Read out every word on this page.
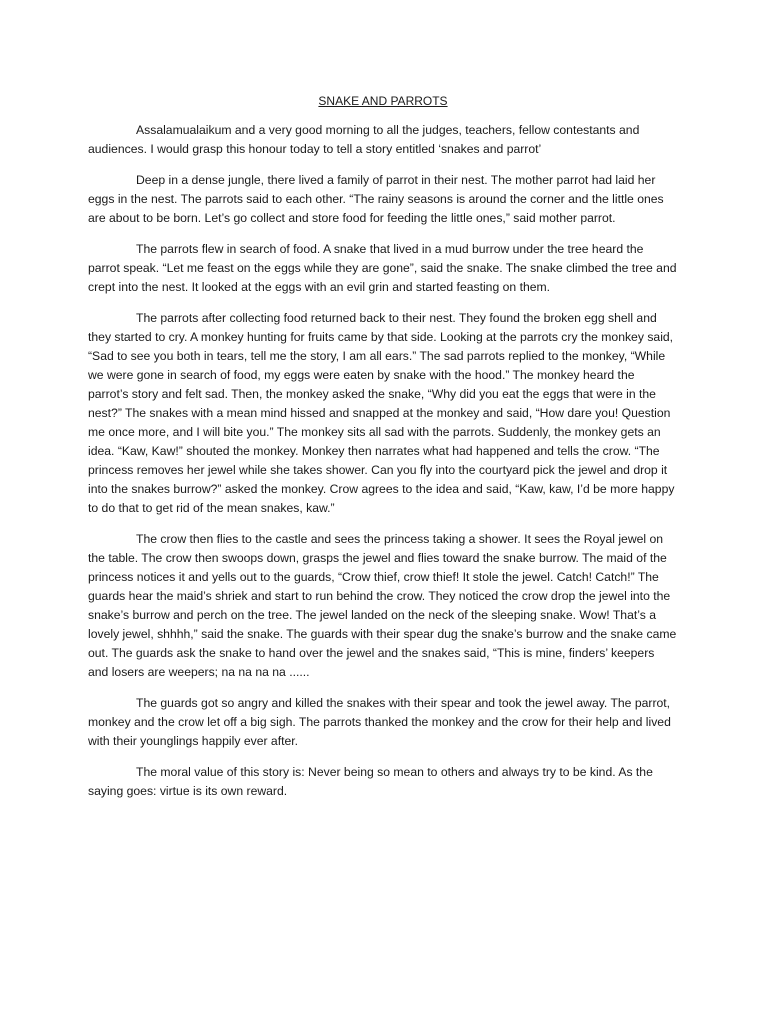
SNAKE AND PARROTS

Assalamualaikum and a very good morning to all the judges, teachers, fellow contestants and audiences. I would grasp this honour today to tell a story entitled ‘snakes and parrot’

Deep in a dense jungle, there lived a family of parrot in their nest. The mother parrot had laid her eggs in the nest. The parrots said to each other. “The rainy seasons is around the corner and the little ones are about to be born. Let’s go collect and store food for feeding the little ones,” said mother parrot.

The parrots flew in search of food. A snake that lived in a mud burrow under the tree heard the parrot speak. “Let me feast on the eggs while they are gone”, said the snake. The snake climbed the tree and crept into the nest. It looked at the eggs with an evil grin and started feasting on them.

The parrots after collecting food returned back to their nest. They found the broken egg shell and they started to cry. A monkey hunting for fruits came by that side. Looking at the parrots cry the monkey said, “Sad to see you both in tears, tell me the story, I am all ears.” The sad parrots replied to the monkey, “While we were gone in search of food, my eggs were eaten by snake with the hood.” The monkey heard the parrot’s story and felt sad. Then, the monkey asked the snake, “Why did you eat the eggs that were in the nest?” The snakes with a mean mind hissed and snapped at the monkey and said, “How dare you! Question me once more, and I will bite you.” The monkey sits all sad with the parrots. Suddenly, the monkey gets an idea. “Kaw, Kaw!” shouted the monkey. Monkey then narrates what had happened and tells the crow. “The princess removes her jewel while she takes shower. Can you fly into the courtyard pick the jewel and drop it into the snakes burrow?” asked the monkey. Crow agrees to the idea and said, “Kaw, kaw, I’d be more happy to do that to get rid of the mean snakes, kaw.”

The crow then flies to the castle and sees the princess taking a shower. It sees the Royal jewel on the table. The crow then swoops down, grasps the jewel and flies toward the snake burrow. The maid of the princess notices it and yells out to the guards, “Crow thief, crow thief! It stole the jewel. Catch! Catch!” The guards hear the maid’s shriek and start to run behind the crow. They noticed the crow drop the jewel into the snake’s burrow and perch on the tree. The jewel landed on the neck of the sleeping snake. Wow! That’s a lovely jewel, shhhh,” said the snake. The guards with their spear dug the snake’s burrow and the snake came out. The guards ask the snake to hand over the jewel and the snakes said, “This is mine, finders’ keepers and losers are weepers; na na na na ......

The guards got so angry and killed the snakes with their spear and took the jewel away. The parrot, monkey and the crow let off a big sigh. The parrots thanked the monkey and the crow for their help and lived with their younglings happily ever after.

The moral value of this story is: Never being so mean to others and always try to be kind. As the saying goes: virtue is its own reward.
